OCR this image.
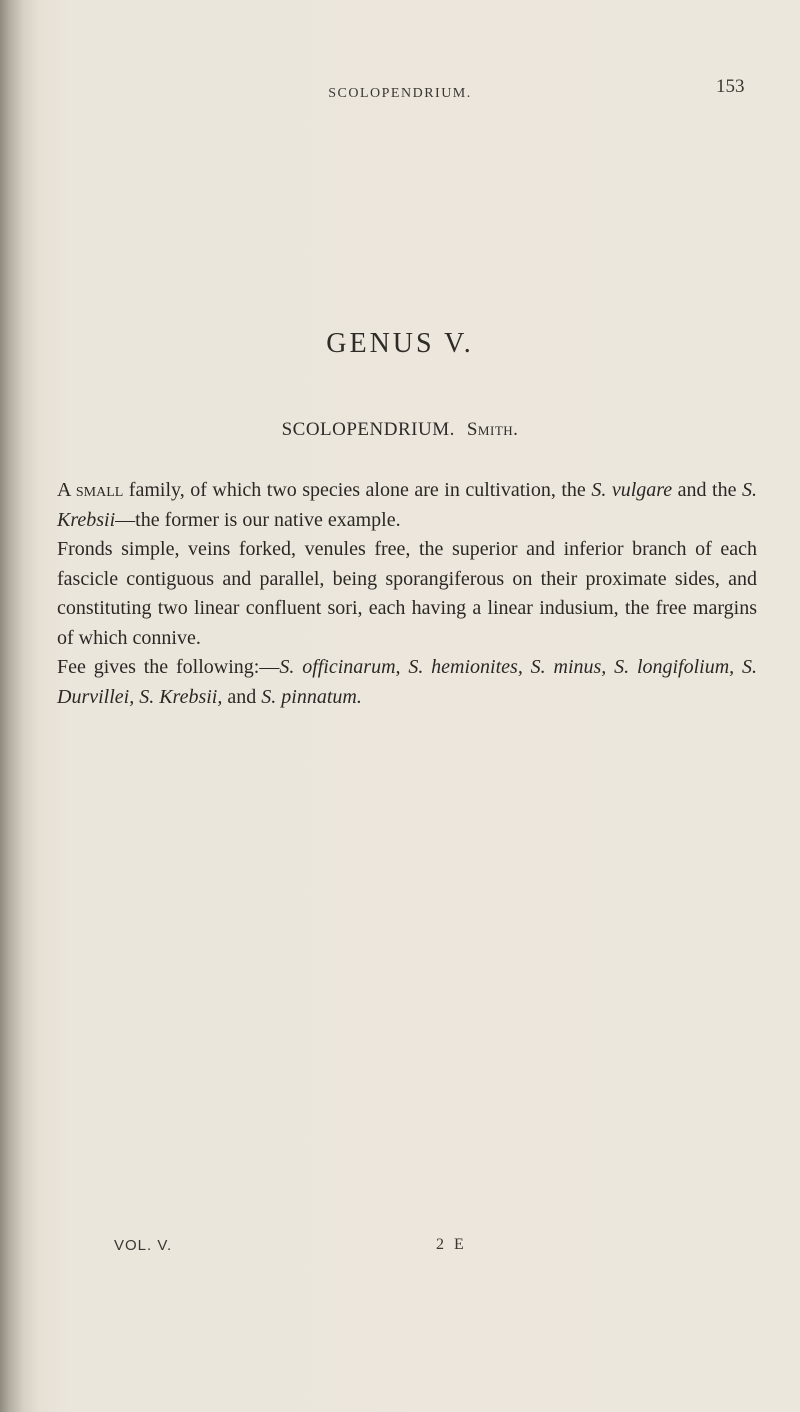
SCOLOPENDRIUM.	153
GENUS V.
SCOLOPENDRIUM. Smith.

A small family, of which two species alone are in cultivation, the S. vulgare and the S. Krebsii—the former is our native example.

Fronds simple, veins forked, venules free, the superior and inferior branch of each fascicle contiguous and parallel, being sporangiferous on their proximate sides, and constituting two linear confluent sori, each having a linear indusium, the free margins of which connive.

Fee gives the following:—S. officinarum, S. hemionites, S. minus, S. longifolium, S. Durvillei, S. Krebsii, and S. pinnatum.

VOL. V.	2 E
